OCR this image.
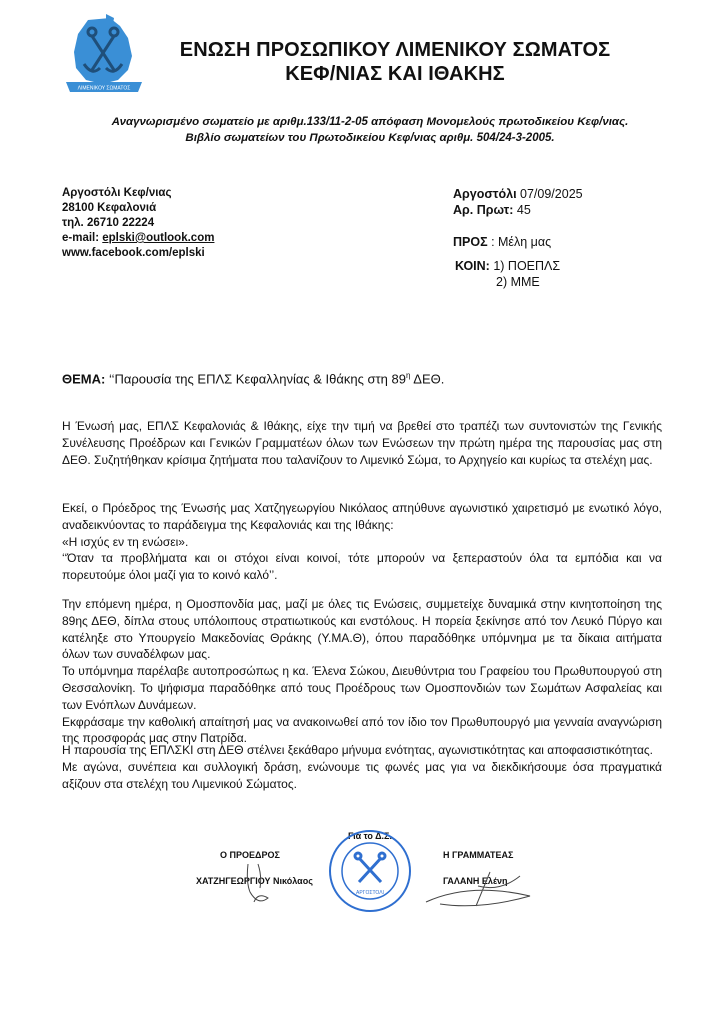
ΛΙΜΕΝΙΚΟΥ ΣΩΜΑΤΟΣ
ΕΝΩΣΗ ΠΡΟΣΩΠΙΚΟΥ ΛΙΜΕΝΙΚΟΥ ΣΩΜΑΤΟΣ
ΚΕΦ/ΝΙΑΣ ΚΑΙ ΙΘΑΚΗΣ
Αναγνωρισμένο σωματείο με αριθμ.133/11-2-05 απόφαση Μονομελούς πρωτοδικείου Κεφ/νιας.
Βιβλίο σωματείων του Πρωτοδικείου Κεφ/νιας αριθμ. 504/24-3-2005.
Αργοστόλι Κεφ/νιας
28100 Κεφαλονιά
τηλ. 26710 22224
e-mail: eplski@outlook.com
www.facebook.com/eplski
Αργοστόλι 07/09/2025
Αρ. Πρωτ: 45
ΠΡΟΣ : Μέλη μας
ΚΟΙΝ: 1) ΠΟΕΠΛΣ
2) ΜΜΕ
ΘΕΜΑ: ‘‘Παρουσία της ΕΠΛΣ Κεφαλληνίας & Ιθάκης στη $89^\eta$ ΔΕΘ.

Η Ένωσή μας, ΕΠΛΣ Κεφαλονιάς & Ιθάκης, είχε την τιμή να βρεθεί στο τραπέζι των συντονιστών της Γενικής Συνέλευσης Προέδρων και Γενικών Γραμματέων όλων των Ενώσεων την πρώτη ημέρα της παρουσίας μας στη ΔΕΘ. Συζητήθηκαν κρίσιμα ζητήματα που ταλανίζουν το Λιμενικό Σώμα, το Αρχηγείο και κυρίως τα στελέχη μας.

Εκεί, ο Πρόεδρος της Ένωσής μας Χατζηγεωργίου Νικόλαος απηύθυνε αγωνιστικό χαιρετισμό με ενωτικό λόγο, αναδεικνύοντας το παράδειγμα της Κεφαλονιάς και της Ιθάκης:

«Η ισχύς εν τη ενώσει».

‘‘Όταν τα προβλήματα και οι στόχοι είναι κοινοί, τότε μπορούν να ξεπεραστούν όλα τα εμπόδια και να πορευτούμε όλοι μαζί για το κοινό καλό’’.

Την επόμενη ημέρα, η Ομοσπονδία μας, μαζί με όλες τις Ενώσεις, συμμετείχε δυναμικά στην κινητοποίηση της 89ης ΔΕΘ, δίπλα στους υπόλοιπους στρατιωτικούς και ενστόλους. Η πορεία ξεκίνησε από τον Λευκό Πύργο και κατέληξε στο Υπουργείο Μακεδονίας Θράκης (Υ.ΜΑ.Θ), όπου παραδόθηκε υπόμνημα με τα δίκαια αιτήματα όλων των συναδέλφων μας.

Το υπόμνημα παρέλαβε αυτοπροσώπως η κα. Έλενα Σώκου, Διευθύντρια του Γραφείου του Πρωθυπουργού στη Θεσσαλονίκη. Το ψήφισμα παραδόθηκε από τους Προέδρους των Ομοσπονδιών των Σωμάτων Ασφαλείας και των Ενόπλων Δυνάμεων.

Εκφράσαμε την καθολική απαίτησή μας να ανακοινωθεί από τον ίδιο τον Πρωθυπουργό μια γενναία αναγνώριση της προσφοράς μας στην Πατρίδα.

Η παρουσία της ΕΠΛΣΚΙ στη ΔΕΘ στέλνει ξεκάθαρο μήνυμα ενότητας, αγωνιστικότητας και αποφασιστικότητας.

Με αγώνα, συνέπεια και συλλογική δράση, ενώνουμε τις φωνές μας για να διεκδικήσουμε όσα πραγματικά αξίζουν στα στελέχη του Λιμενικού Σώματος.

Για το Δ.Σ.
Ο ΠΡΟΕΔΡΟΣ
ΧΑΤΖΗΓΕΩΡΓΙΟΥ Νικόλαος
Η ΓΡΑΜΜΑΤΕΑΣ
ΓΑΛΑΝΗ Ελένη
ΑΡΓΟΣΤΟΛΙ
